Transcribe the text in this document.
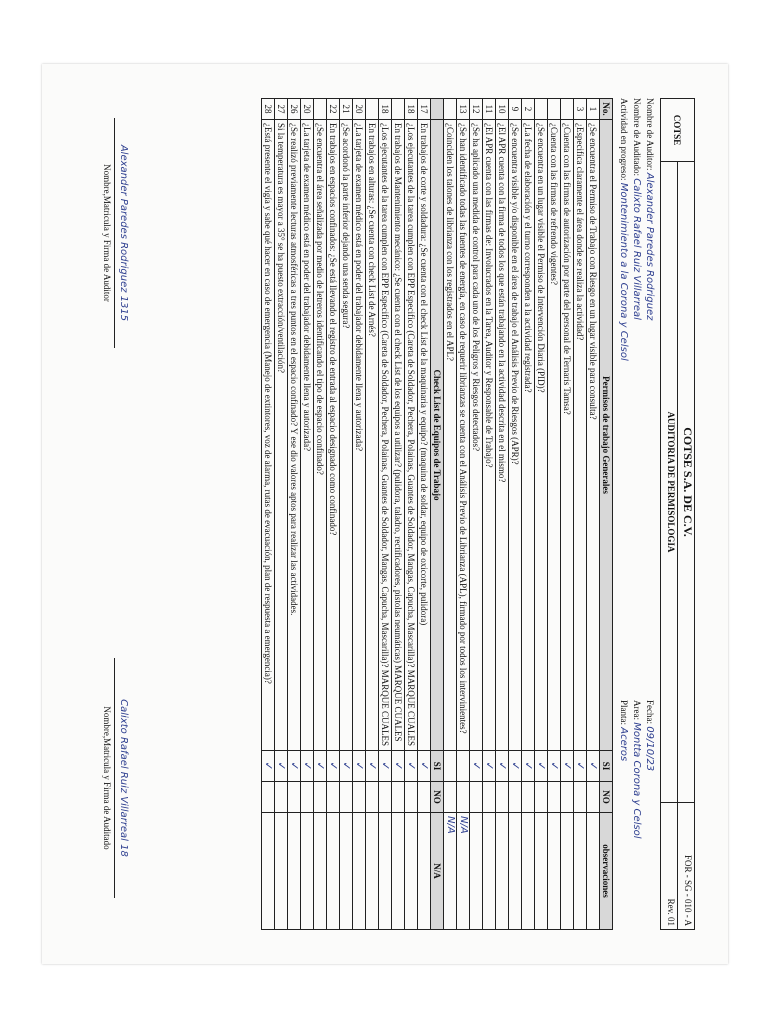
COTSE	COTSE S.A. DE C.V.	FOR - SG - 010 - A
	AUDITORIA DE PERMISOLOGIA	Rev. 01
Nombre de Auditor: Alexander Paredes Rodriguez
Nombre de Auditado: Calixto Rafael Ruiz Villarreal
Actividad en progreso: Montenimiento a la Corona y Celsol
Fecha: 09/10/23
Area: Montta Corona y Celsol
Planta: Aceros
No.	Permisos de trabajo Generales	SI	NO	observaciones
1	¿Se encuentra el Permiso de Trabajo con Riesgo en un lugar visible para consulta?	✓		
3	¿Especifica claramente el área donde se realiza la actividad?	✓		
	¿Cuenta con las firmas de autorización por parte del personal de Ternaris Tamsa?	✓		
	¿Cuenta con las firmas de refrendo vigentes?	✓		
	¿Se encuentra en un lugar visible el Permiso de Intervención Diaria (PID)?	✓		
2	¿La fecha de elaboración y el turno corresponden a la actividad registrada?	✓		
9	¿Se encuentra visible y/o disponible en el área de trabajo el Análisis Previo de Riesgos (APR)?	✓		
10	¿El APR cuenta con la firma de todos los que están trabajando en la actividad descrita en el mismo?	✓		
11	¿El APR cuenta con las firmas de: Involucrados en la Tarea, Auditor y Responsable de Trabajo?	✓		
12	¿Se ha aplicado una medida de control para cada uno de los Peligros y Riesgos detectados?	✓		
13	¿Se han identificado todas las fuentes de energía, en caso de requerir librianzas se cuenta con el Análisis Previo de Librianza (APL), firmado por todos los intervinientes?			N/A
	¿Coinciden los talones de librianza con los registrados en el APL?			N/A
	Check List de Equipos de Trabajo	SI	NO	N/A
17	En trabajos de corte y soldadura: ¿Se cuenta con el check List de la maquinaria y equipo? (maquina de soldar, equipo de oxicorte, pulidora)	✓		
18	¿Los ejecutantes de la tarea cumplen con EPP Especifico (Careta de Soldador, Pechera, Polainas, Guantes de Soldador, Mangas, Capucha, Mascarilla)? MARQUE CUALES	✓		
	En trabajos de Mantenimiento mecánico: ¿Se cuenta con el check List de los equipos a utilizar? (pulidora, taladro, rectificadores, pistolas neumáticas) MARQUE CUALES	✓		
18	¿Los ejecutantes de la tarea cumplen con EPP Especifico (Careta de Soldador, Pechera, Polainas, Guantes de Soldador, Mangas, Capucha, Mascarilla)? MARQUE CUALES	✓		
	En trabajos en alturas: ¿Se cuenta con check List de Arnés?	✓		
20	¿La tarjeta de examen médico está en poder del trabajador debidamente llena y autorizada?	✓		
21	¿Se acordonó la parte inferior dejando una senda segura?	✓		
22	En trabajos en espacios confinados: ¿Se está llevando el registro de entrada al espacio designado como confinado?	✓		
	¿Se encuentra el área señalizada por medio de letreros identificando el tipo de espacio confinado?	✓		
20	¿La tarjeta de examen médico está en poder del trabajador debidamente llena y autorizada?	✓		
26	¿Se realizó previamente lecturas atmosféricas a tres puntos en el espacio confinado? Y ese dio valores aptos para realizar las actividades.	✓		
27	Si la temperatura es mayor a 35° se ha puesto extracción/ventilación?	✓		
28	¿Está presente el vigía y sabe qué hacer en caso de emergencia (Manejo de extintores, voz de alarma, rutas de evacuación, plan de respuesta a emergencia)?	✓		
Alexander Paredes Rodriguez 1315
Nombre,Matricula y Firma de Auditor
Calixto Rafael Ruiz Villarreal 18
Nombre,Matricula y Firma de Auditado
